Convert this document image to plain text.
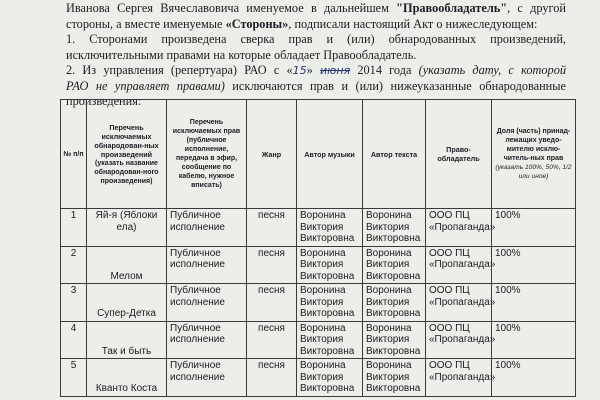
Иванова Сергея Вячеславовича именуемое в дальнейшем "Правообладатель", с другой
стороны, а вместе именуемые «Стороны», подписали настоящий Акт о нижеследующем:

1. Сторонами произведена сверка прав и (или) обнародованных произведений,
исключительными правами на которые обладает Правообладатель.

2. Из управления (репертуара) РАО с «15» июня 2014 года (указать дату, с которой
РАО не управляет правами) исключаются прав и (или) нижеуказанные обнародованные
произведения:

№ п/п	Перечень исключаемых обнародован-ных произведений
(указать название обнародован-ного произведения)	Перечень исключаемых прав (публичное исполнение, передача в эфир, сообщение по кабелю, нужное вписать)	Жанр	Автор музыки	Автор текста	Право-обладатель	Доля (часть) принад-лежащих уведо-мителю исклю-читель-ных прав
(указать 100%, 50%, 1/2 или иное)

1	Яй-я (Яблоки ела)	Публичное исполнение	песня	Воронина Виктория Викторовна	Воронина Виктория Викторовна	ООО ПЦ «Пропаганда»	100%
2	Мелом	Публичное исполнение	песня	Воронина Виктория Викторовна	Воронина Виктория Викторовна	ООО ПЦ «Пропаганда»	100%
3	Супер-Детка	Публичное исполнение	песня	Воронина Виктория Викторовна	Воронина Виктория Викторовна	ООО ПЦ «Пропаганда»	100%
4	Так и быть	Публичное исполнение	песня	Воронина Виктория Викторовна	Воронина Виктория Викторовна	ООО ПЦ «Пропаганда»	100%
5	Кванто Коста	Публичное исполнение	песня	Воронина Виктория Викторовна	Воронина Виктория Викторовна	ООО ПЦ «Пропаганда»	100%
